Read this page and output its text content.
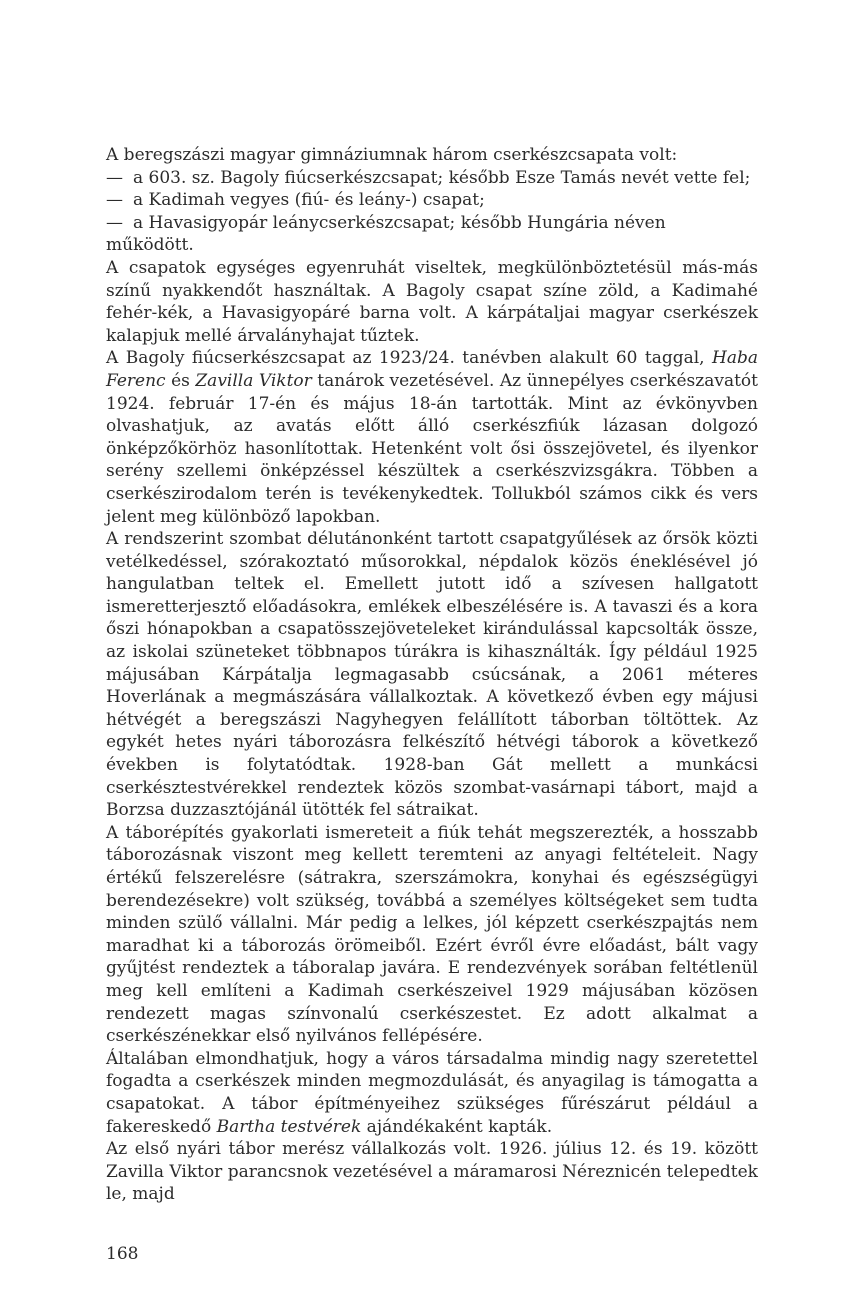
A beregszászi magyar gimnáziumnak három cserkészcsapata volt:

— a 603. sz. Bagoly fiúcserkészcsapat; később Esze Tamás nevét vette fel;

— a Kadimah vegyes (fiú- és leány-) csapat;

— a Havasigyopár leánycserkészcsapat; később Hungária néven működött.

A csapatok egységes egyenruhát viseltek, megkülönböztetésül más-más színű nyakkendőt használtak. A Bagoly csapat színe zöld, a Kadimahé fehér-kék, a Havasigyopáré barna volt. A kárpátaljai magyar cserkészek kalapjuk mellé árvalányhajat tűztek.

A Bagoly fiúcserkészcsapat az 1923/24. tanévben alakult 60 taggal, Haba Ferenc és Zavilla Viktor tanárok vezetésével. Az ünnepélyes cserkészavatót 1924. február 17-én és május 18-án tartották. Mint az évkönyvben olvashatjuk, az avatás előtt álló cserkészfiúk lázasan dolgozó önképzőkörhöz hasonlítottak. Hetenként volt ősi összejövetel, és ilyenkor serény szellemi önképzéssel készültek a cserkészvizsgákra. Többen a cserkészirodalom terén is tevékenykedtek. Tollukból számos cikk és vers jelent meg különböző lapokban.

A rendszerint szombat délutánonként tartott csapatgyűlések az őrsök közti vetélkedéssel, szórakoztató műsorokkal, népdalok közös éneklésével jó hangulatban teltek el. Emellett jutott idő a szívesen hallgatott ismeretterjesztő előadásokra, emlékek elbeszélésére is. A tavaszi és a kora őszi hónapokban a csapatösszejöveteleket kirándulással kapcsolták össze, az iskolai szüneteket többnapos túrákra is kihasználták. Így például 1925 májusában Kárpátalja legmagasabb csúcsának, a 2061 méteres Hoverlának a megmászására vállalkoztak. A következő évben egy májusi hétvégét a beregszászi Nagyhegyen felállított táborban töltöttek. Az egykét hetes nyári táborozásra felkészítő hétvégi táborok a következő években is folytatódtak. 1928-ban Gát mellett a munkácsi cserkésztestvérekkel rendeztek közös szombat-vasárnapi tábort, majd a Borzsa duzzasztójánál ütötték fel sátraikat.

A táborépítés gyakorlati ismereteit a fiúk tehát megszerezték, a hosszabb táborozásnak viszont meg kellett teremteni az anyagi feltételeit. Nagy értékű felszerelésre (sátrakra, szerszámokra, konyhai és egészségügyi berendezésekre) volt szükség, továbbá a személyes költségeket sem tudta minden szülő vállalni. Már pedig a lelkes, jól képzett cserkészpajtás nem maradhat ki a táborozás örömeiből. Ezért évről évre előadást, bált vagy gyűjtést rendeztek a táboralap javára. E rendezvények sorában feltétlenül meg kell említeni a Kadimah cserkészeivel 1929 májusában közösen rendezett magas színvonalú cserkészestet. Ez adott alkalmat a cserkészénekkar első nyilvános fellépésére.

Általában elmondhatjuk, hogy a város társadalma mindig nagy szeretettel fogadta a cserkészek minden megmozdulását, és anyagilag is támogatta a csapatokat. A tábor építményeihez szükséges fűrészárut például a fakereskedő Bartha testvérek ajándékaként kapták.

Az első nyári tábor merész vállalkozás volt. 1926. július 12. és 19. között Zavilla Viktor parancsnok vezetésével a máramarosi Néreznicén telepedtek le, majd

168
